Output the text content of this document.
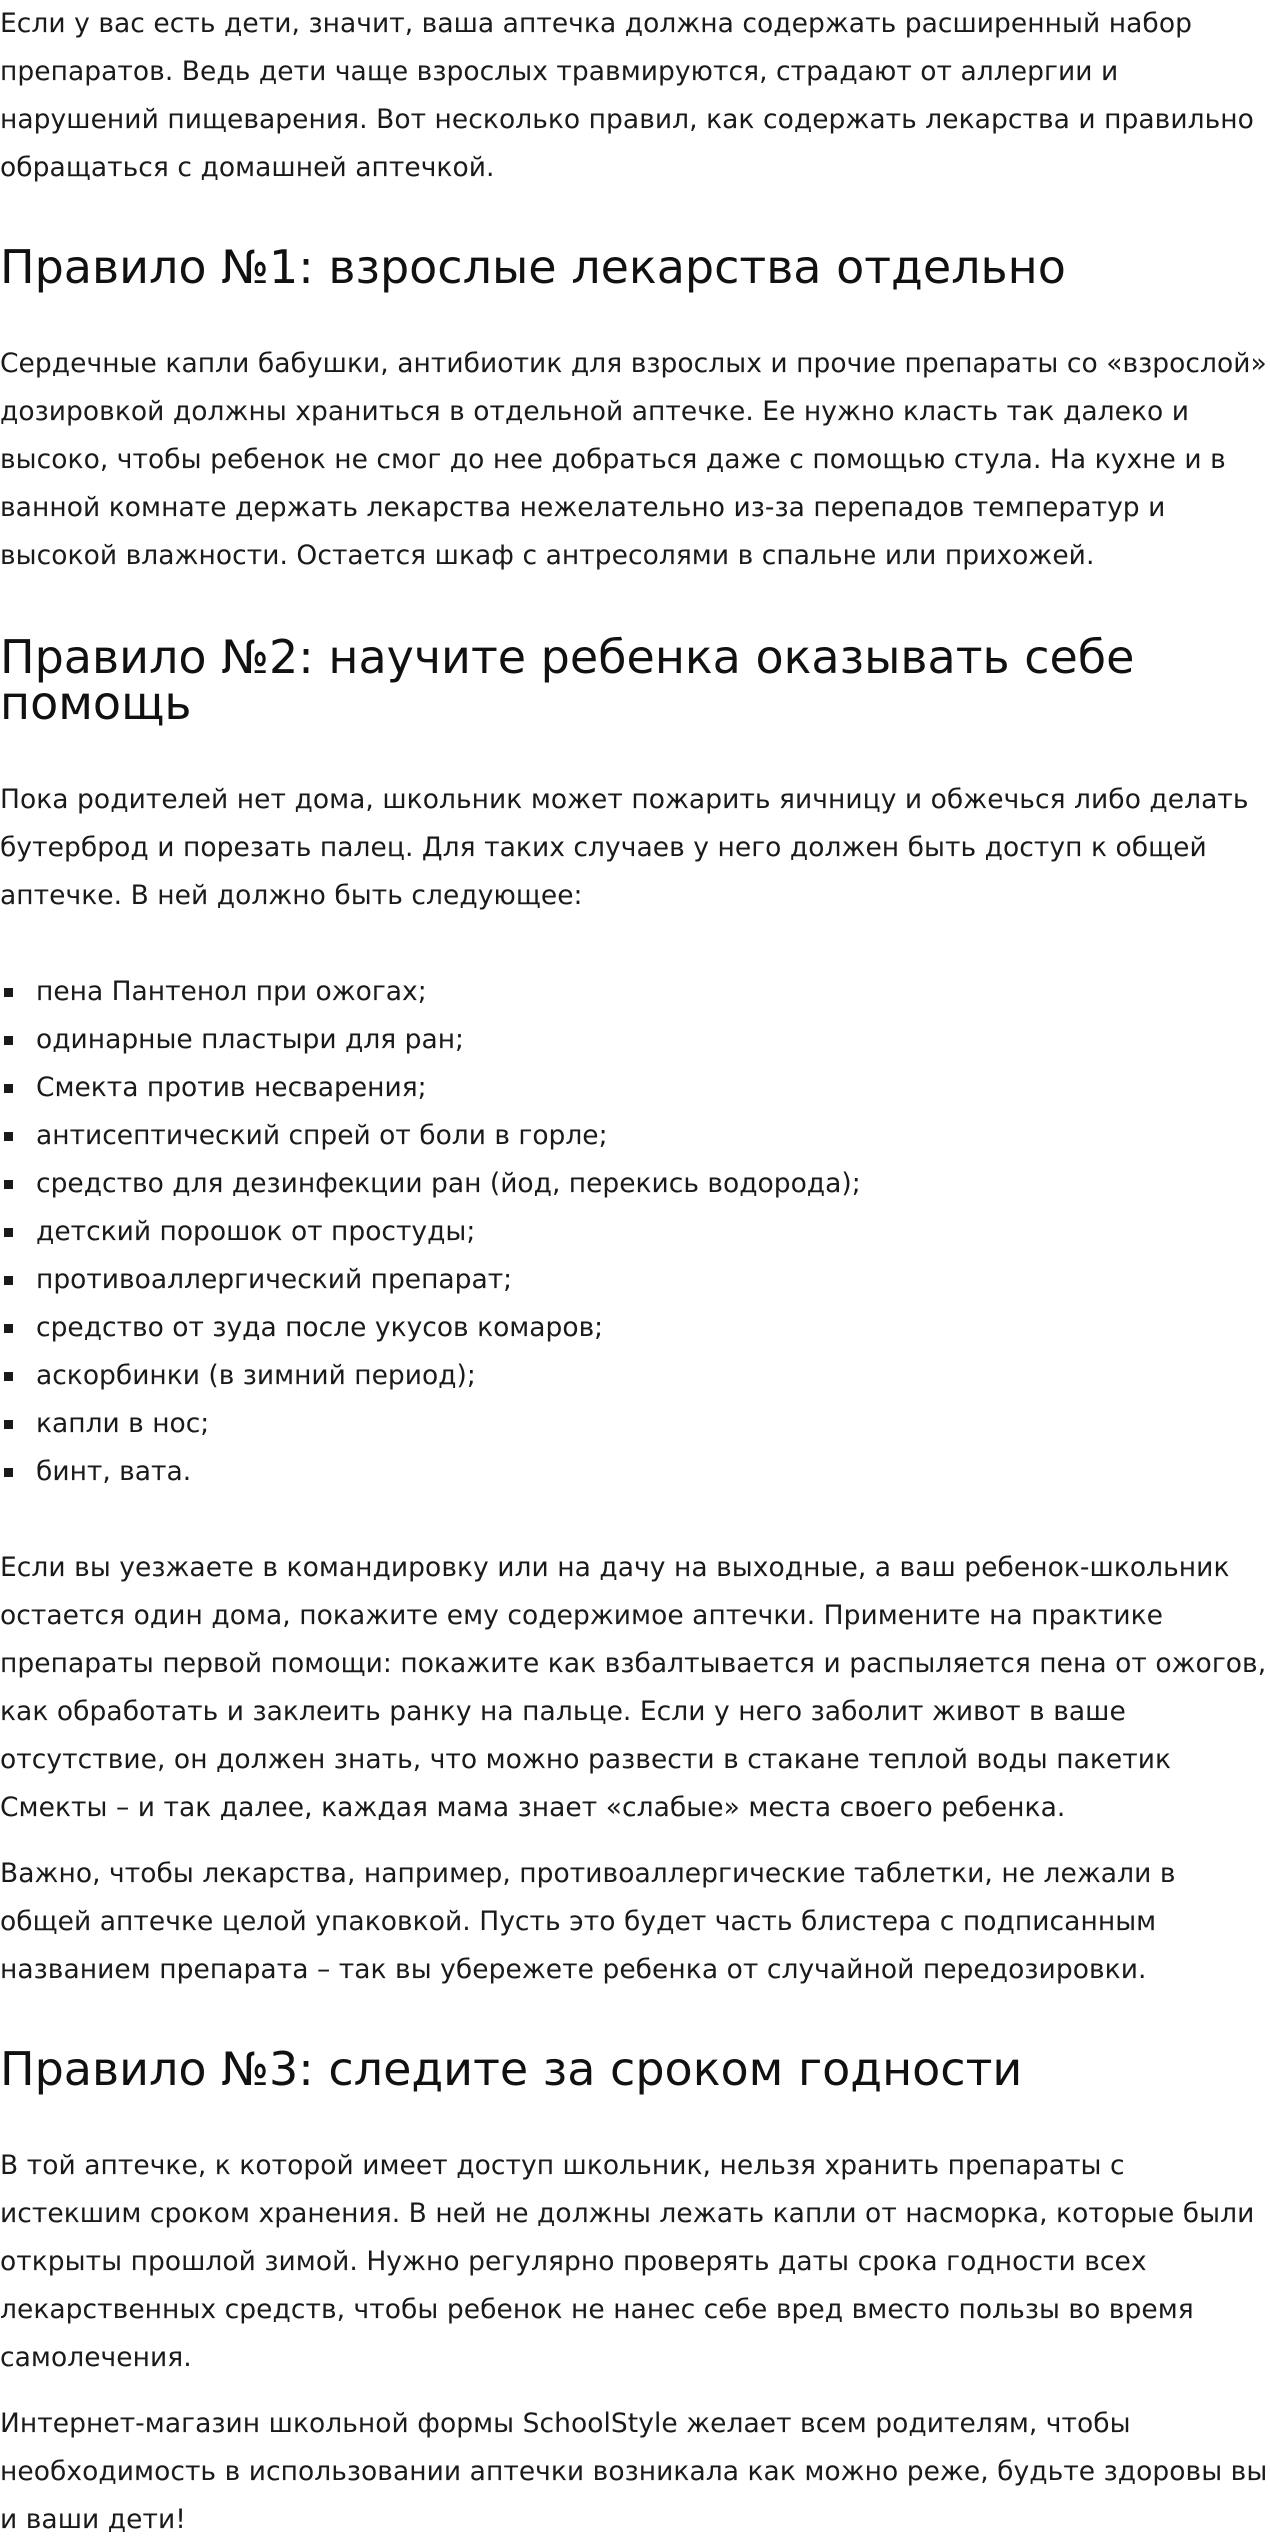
Если у вас есть дети, значит, ваша аптечка должна содержать расширенный набор препаратов. Ведь дети чаще взрослых травмируются, страдают от аллергии и нарушений пищеварения. Вот несколько правил, как содержать лекарства и правильно обращаться с домашней аптечкой.

Правило №1: взрослые лекарства отдельно

Сердечные капли бабушки, антибиотик для взрослых и прочие препараты со «взрослой» дозировкой должны храниться в отдельной аптечке. Ее нужно класть так далеко и высоко, чтобы ребенок не смог до нее добраться даже с помощью стула. На кухне и в ванной комнате держать лекарства нежелательно из-за перепадов температур и высокой влажности. Остается шкаф с антресолями в спальне или прихожей.

Правило №2: научите ребенка оказывать себе помощь

Пока родителей нет дома, школьник может пожарить яичницу и обжечься либо делать бутерброд и порезать палец. Для таких случаев у него должен быть доступ к общей аптечке. В ней должно быть следующее:

пена Пантенол при ожогах;
одинарные пластыри для ран;
Смекта против несварения;
антисептический спрей от боли в горле;
средство для дезинфекции ран (йод, перекись водорода);
детский порошок от простуды;
противоаллергический препарат;
средство от зуда после укусов комаров;
аскорбинки (в зимний период);
капли в нос;
бинт, вата.

Если вы уезжаете в командировку или на дачу на выходные, а ваш ребенок-школьник остается один дома, покажите ему содержимое аптечки. Примените на практике препараты первой помощи: покажите как взбалтывается и распыляется пена от ожогов, как обработать и заклеить ранку на пальце. Если у него заболит живот в ваше отсутствие, он должен знать, что можно развести в стакане теплой воды пакетик Смекты – и так далее, каждая мама знает «слабые» места своего ребенка.

Важно, чтобы лекарства, например, противоаллергические таблетки, не лежали в общей аптечке целой упаковкой. Пусть это будет часть блистера с подписанным названием препарата – так вы убережете ребенка от случайной передозировки.

Правило №3: следите за сроком годности

В той аптечке, к которой имеет доступ школьник, нельзя хранить препараты с истекшим сроком хранения. В ней не должны лежать капли от насморка, которые были открыты прошлой зимой. Нужно регулярно проверять даты срока годности всех лекарственных средств, чтобы ребенок не нанес себе вред вместо пользы во время самолечения.

Интернет-магазин школьной формы SchoolStyle желает всем родителям, чтобы необходимость в использовании аптечки возникала как можно реже, будьте здоровы вы и ваши дети!
